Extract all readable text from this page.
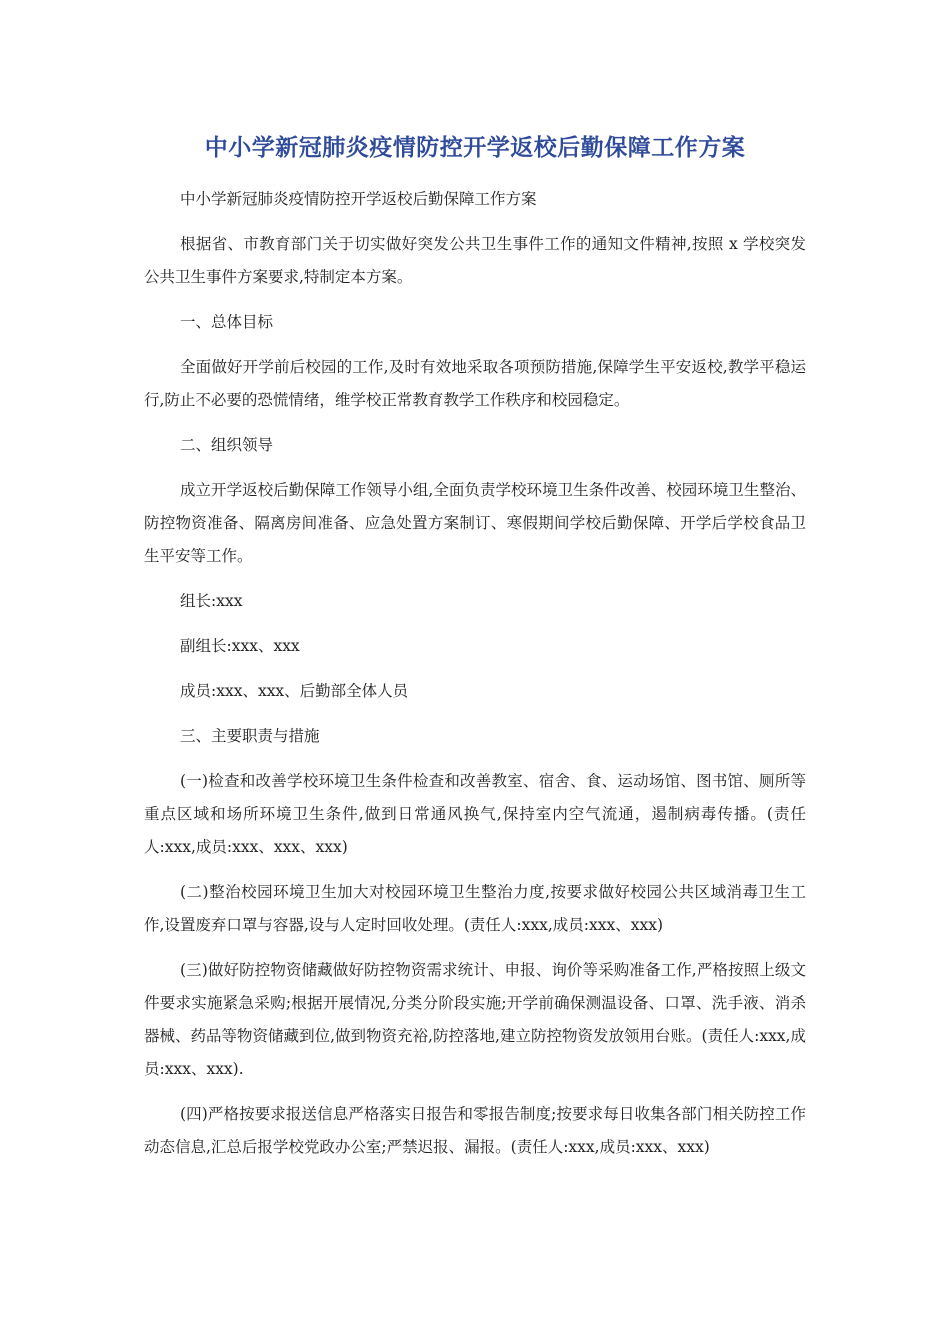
中小学新冠肺炎疫情防控开学返校后勤保障工作方案

中小学新冠肺炎疫情防控开学返校后勤保障工作方案

根据省、市教育部门关于切实做好突发公共卫生事件工作的通知文件精神,按照 x 学校突发公共卫生事件方案要求,特制定本方案。

一、总体目标

全面做好开学前后校园的工作,及时有效地采取各项预防措施,保障学生平安返校,教学平稳运行,防止不必要的恐慌情绪，维学校正常教育教学工作秩序和校园稳定。

二、组织领导

成立开学返校后勤保障工作领导小组,全面负责学校环境卫生条件改善、校园环境卫生整治、防控物资准备、隔离房间准备、应急处置方案制订、寒假期间学校后勤保障、开学后学校食品卫生平安等工作。

组长:xxx

副组长:xxx、xxx

成员:xxx、xxx、后勤部全体人员

三、主要职责与措施

(一)检查和改善学校环境卫生条件检查和改善教室、宿舍、食、运动场馆、图书馆、厕所等重点区域和场所环境卫生条件,做到日常通风换气,保持室内空气流通，遏制病毒传播。(责任人:xxx,成员:xxx、xxx、xxx)

(二)整治校园环境卫生加大对校园环境卫生整治力度,按要求做好校园公共区域消毒卫生工作,设置废弃口罩与容器,设与人定时回收处理。(责任人:xxx,成员:xxx、xxx)

(三)做好防控物资储藏做好防控物资需求统计、申报、询价等采购准备工作,严格按照上级文件要求实施紧急采购;根据开展情况,分类分阶段实施;开学前确保测温设备、口罩、洗手液、消杀器械、药品等物资储藏到位,做到物资充裕,防控落地,建立防控物资发放领用台账。(责任人:xxx,成员:xxx、xxx).

(四)严格按要求报送信息严格落实日报告和零报告制度;按要求每日收集各部门相关防控工作动态信息,汇总后报学校党政办公室;严禁迟报、漏报。(责任人:xxx,成员:xxx、xxx)
